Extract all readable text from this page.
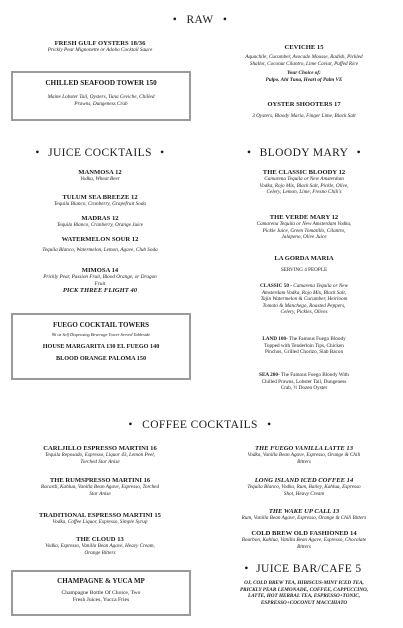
• RAW •
FRESH GULF OYSTERS 18/36
Prickly Pear Mignonette or Adobo Cocktail Sauce
CHILLED SEAFOOD TOWER 150
Maine Lobster Tail, Oysters, Tuna Ceviche, Chilled
Prawns, Dungeness Crab
CEVICHE 15
Aquachile, Cucumber, Avocado Mousse, Radish, Pickled
Shallot, Coconut Cilantro, Lime Caviar, Puffed Rice
Your Choice of:
Pulpo. Ahi Tuna, Heart of Palm VE
OYSTER SHOOTERS 17
3 Oysters, Bloody Maria, Finger Lime, Black Salt
• JUICE COCKTAILS •	• BLOODY MARY •
MANMOSA 12
Vodka, Wheat Beer
TULUM SEA BREEZE 12
Tequila Blanco, Cranberry, Grapefruit Soda
MADRAS 12
Tequila Blanco, Cranberry, Orange Juice
WATERMELON SOUR 12
Tequila Blanco, Watermelon, Lemon, Agave, Club Soda
MIMOSA 14
Prickly Pear, Passion Fruit, Blood Orange, or Dragon
Fruit
PICK THREE FLIGHT 40
FUEGO COCKTAIL TOWERS
96 oz Self Dispensing Beverage Tower Served Tableside
HOUSE MARGARITA 130 EL FUEGO 140
BLOOD ORANGE PALOMA 150
THE CLASSIC BLOODY 12
Camarena Tequila or New Amsterdam
Vodka, Rojo Mix, Black Salt, Pickle, Olive,
Celery, Lemon, Lime, Fresno Chili's
THE VERDE MARY 12
Camarena Tequila or New Amsterdam Vodka,
Pickle Juice, Green Tomatillo, Cilantro,
Jalapeno, Olive Juice
LA GORDA MARIA
SERVING 4 PEOPLE
CLASSIC 50 - Camarena Tequila or New
Amsterdam Vodka, Rojo Mix, Black Salt,
Tajin Watermelon & Cucumber, Heirloom
Tomato & Manchego, Roasted Peppers,
Celery, Pickles, Olives
LAND 100- The Famous Fuego Bloody
Topped with Tenderloin Tips, Chicken
Pinchos, Grilled Chorizo, Slab Bacon
SEA 200- The Famous Fuego Bloody With
Chilled Prawns, Lobster Tail, Dungeness
Crab, ½ Dozen Oyster
• COFFEE COCKTAILS •
CARLJILLO ESPRESSO MARTINI 16
Tequila Reposado, Espresso, Liquor 43, Lemon Peel,
Torched Star Anise
THE RUMSPRESSO MARTINI 16
Bacardi, Kahlua, Vanilla Bean Agave, Espresso, Torched
Star Anise
TRADITIONAL ESPRESSO MARTINI 15
Vodka, Coffee Liquor, Espresso, Simple Syrup
THE CLOUD 13
Vodka, Espresso, Vanilla Bean Agave, Heavy Cream,
Orange Bitters
CHAMPAGNE & YUCA MP
Champagne Bottle Of Choice, Two
Fresh Juices, Yucca Fries
THE FUEGO VANILLA LATTE 13
Vodka, Vanilla Bean Agave, Espresso, Orange & Chili
Bitters
LONG ISLAND ICED COFFEE 14
Tequila Blanco, Vodka, Rum, Bailey, Kahlua, Espresso
Shot, Heavy Cream
THE WAKE UP CALL 13
Rum, Vanilla Bean Agave, Espresso, Orange & Chili Bitters
COLD BREW OLD FASHIONED 14
Bourbon, Kahlua, Vanilla Bean Agave, Espresso, Chocolate
Bitters
• JUICE BAR/CAFE 5
OJ, COLD BREW TEA, HIBISCUS-MINT ICED TEA,
PRICKLY PEAR LEMONADE, COFFEE, CAPPUCCINO,
LATTE, HOT HERBAL TEA, ESPRESSO+TONIC,
ESPRESSO+COCONUT MACCHIATO
